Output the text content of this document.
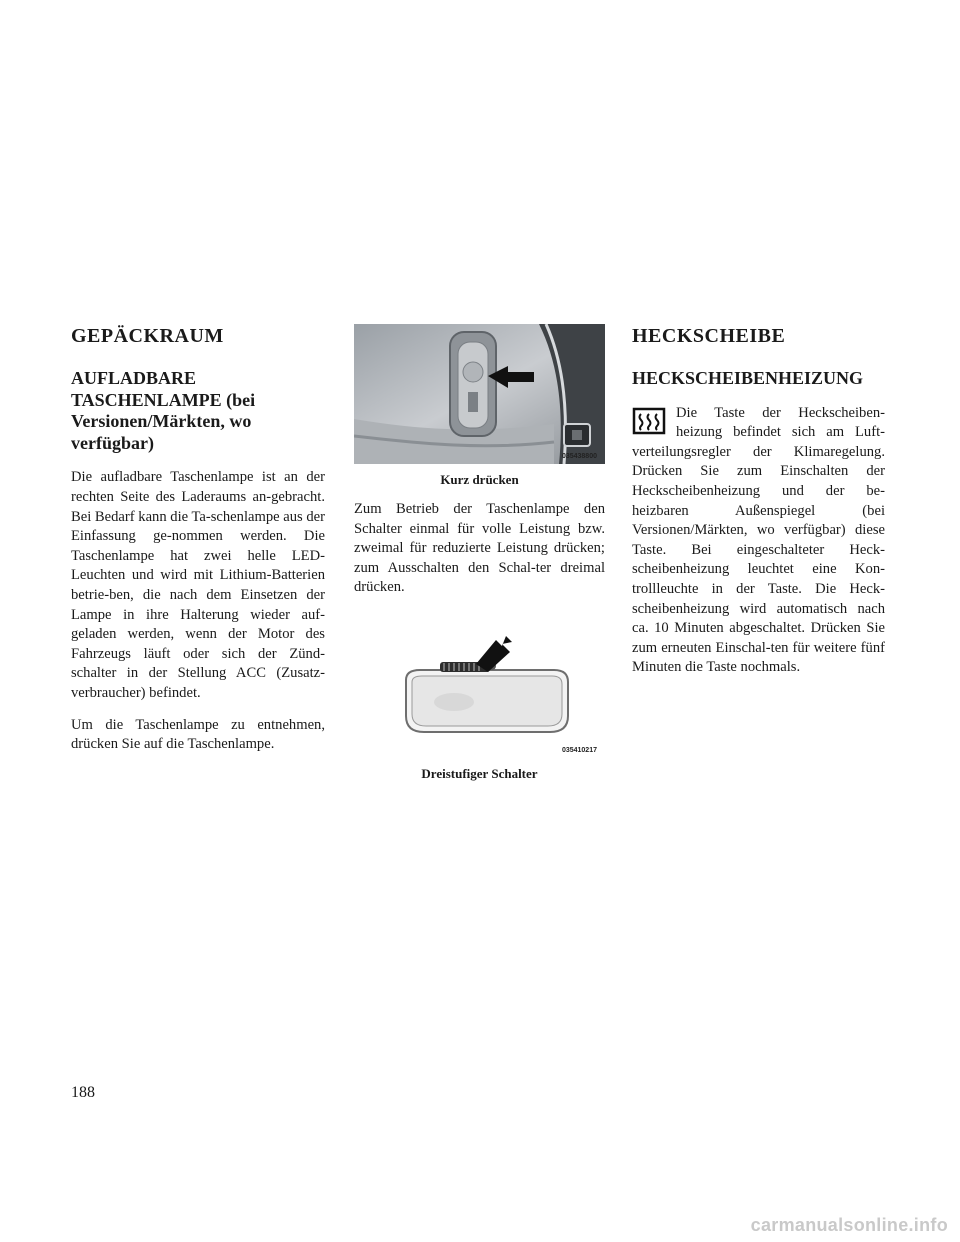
GEPÄCKRAUM
AUFLADBARE TASCHENLAMPE (bei Versionen/Märkten, wo verfügbar)

Die aufladbare Taschenlampe ist an der rechten Seite des Laderaums an-gebracht. Bei Bedarf kann die Ta-schenlampe aus der Einfassung ge-nommen werden. Die Taschenlampe hat zwei helle LED-Leuchten und wird mit Lithium-Batterien betrie-ben, die nach dem Einsetzen der Lampe in ihre Halterung wieder auf-geladen werden, wenn der Motor des Fahrzeugs läuft oder sich der Zünd-schalter in der Stellung ACC (Zusatz-verbraucher) befindet.

Um die Taschenlampe zu entnehmen, drücken Sie auf die Taschenlampe.

035438800
Kurz drücken

Zum Betrieb der Taschenlampe den Schalter einmal für volle Leistung bzw. zweimal für reduzierte Leistung drücken; zum Ausschalten den Schal-ter dreimal drücken.

035410217
Dreistufiger Schalter
HECKSCHEIBE
HECKSCHEIBENHEIZUNG

Die Taste der Heckscheiben-heizung befindet sich am Luft-verteilungsregler der Klimaregelung. Drücken Sie zum Einschalten der Heckscheibenheizung und der be-heizbaren Außenspiegel (bei Versionen/Märkten, wo verfügbar) diese Taste. Bei eingeschalteter Heck-scheibenheizung leuchtet eine Kon-trollleuchte in der Taste. Die Heck-scheibenheizung wird automatisch nach ca. 10 Minuten abgeschaltet. Drücken Sie zum erneuten Einschal-ten für weitere fünf Minuten die Taste nochmals.

188
carmanualsonline.info
